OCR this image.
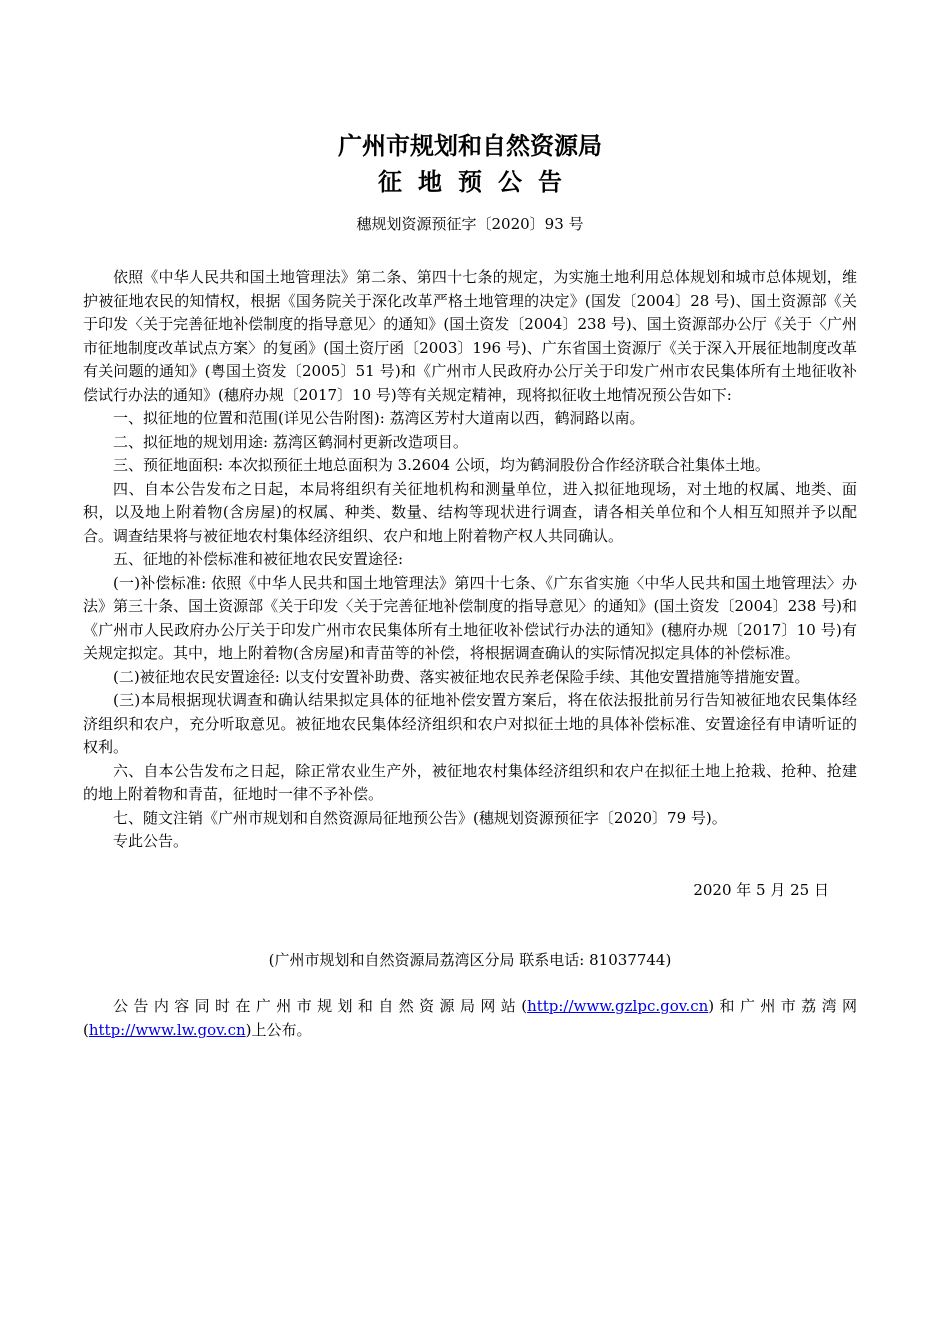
广州市规划和自然资源局
征地预公告
穗规划资源预征字〔2020〕93 号

依照《中华人民共和国土地管理法》第二条、第四十七条的规定，为实施土地利用总体规划和城市总体规划，维护被征地农民的知情权，根据《国务院关于深化改革严格土地管理的决定》(国发〔2004〕28 号)、国土资源部《关于印发〈关于完善征地补偿制度的指导意见〉的通知》(国土资发〔2004〕238 号)、国土资源部办公厅《关于〈广州市征地制度改革试点方案〉的复函》(国土资厅函〔2003〕196 号)、广东省国土资源厅《关于深入开展征地制度改革有关问题的通知》(粤国土资发〔2005〕51 号)和《广州市人民政府办公厅关于印发广州市农民集体所有土地征收补偿试行办法的通知》(穗府办规〔2017〕10 号)等有关规定精神，现将拟征收土地情况预公告如下:

一、拟征地的位置和范围(详见公告附图): 荔湾区芳村大道南以西，鹤洞路以南。

二、拟征地的规划用途: 荔湾区鹤洞村更新改造项目。

三、预征地面积: 本次拟预征土地总面积为 3.2604 公顷，均为鹤洞股份合作经济联合社集体土地。

四、自本公告发布之日起，本局将组织有关征地机构和测量单位，进入拟征地现场，对土地的权属、地类、面积，以及地上附着物(含房屋)的权属、种类、数量、结构等现状进行调查，请各相关单位和个人相互知照并予以配合。调查结果将与被征地农村集体经济组织、农户和地上附着物产权人共同确认。

五、征地的补偿标准和被征地农民安置途径:

(一)补偿标准: 依照《中华人民共和国土地管理法》第四十七条、《广东省实施〈中华人民共和国土地管理法〉办法》第三十条、国土资源部《关于印发〈关于完善征地补偿制度的指导意见〉的通知》(国土资发〔2004〕238 号)和《广州市人民政府办公厅关于印发广州市农民集体所有土地征收补偿试行办法的通知》(穗府办规〔2017〕10 号)有关规定拟定。其中，地上附着物(含房屋)和青苗等的补偿，将根据调查确认的实际情况拟定具体的补偿标准。

(二)被征地农民安置途径: 以支付安置补助费、落实被征地农民养老保险手续、其他安置措施等措施安置。

(三)本局根据现状调查和确认结果拟定具体的征地补偿安置方案后，将在依法报批前另行告知被征地农民集体经济组织和农户，充分听取意见。被征地农民集体经济组织和农户对拟征土地的具体补偿标准、安置途径有申请听证的权利。

六、自本公告发布之日起，除正常农业生产外，被征地农村集体经济组织和农户在拟征土地上抢栽、抢种、抢建的地上附着物和青苗，征地时一律不予补偿。

七、随文注销《广州市规划和自然资源局征地预公告》(穗规划资源预征字〔2020〕79 号)。

专此公告。

2020 年 5 月 25 日
(广州市规划和自然资源局荔湾区分局 联系电话: 81037744)
公告内容同时在广州市规划和自然资源局网站(http://www.gzlpc.gov.cn)和广州市荔湾网(http://www.lw.gov.cn)上公布。
